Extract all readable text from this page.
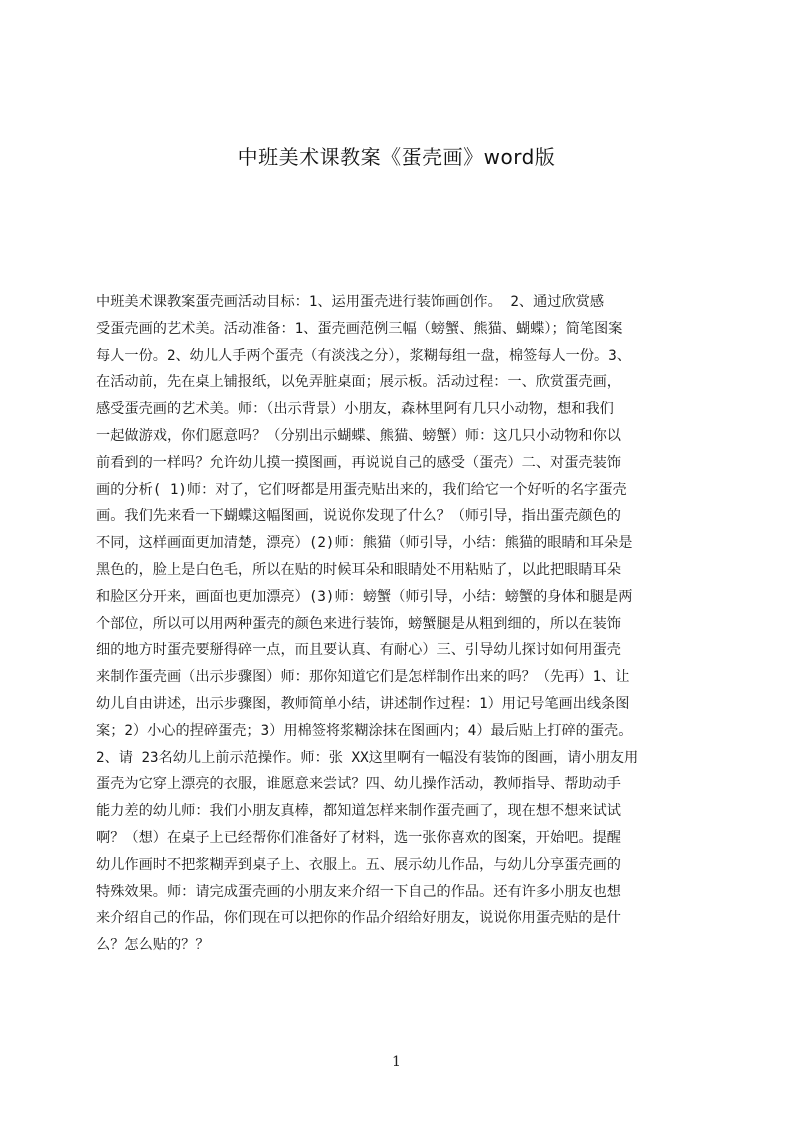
中班美术课教案《蛋壳画》word版
中班美术课教案蛋壳画活动目标：1、运用蛋壳进行装饰画创作。 2、通过欣赏感
受蛋壳画的艺术美。活动准备：1、蛋壳画范例三幅（螃蟹、熊猫、蝴蝶）；简笔图案
每人一份。2、幼儿人手两个蛋壳（有淡浅之分），浆糊每组一盘，棉签每人一份。3、
在活动前，先在桌上铺报纸，以免弄脏桌面；展示板。活动过程：一、欣赏蛋壳画，
感受蛋壳画的艺术美。师：（出示背景）小朋友，森林里阿有几只小动物，想和我们
一起做游戏，你们愿意吗？（分别出示蝴蝶、熊猫、螃蟹）师：这几只小动物和你以
前看到的一样吗？允许幼儿摸一摸图画，再说说自己的感受（蛋壳）二、对蛋壳装饰
画的分析( 1)师：对了，它们呀都是用蛋壳贴出来的，我们给它一个好听的名字蛋壳
画。我们先来看一下蝴蝶这幅图画，说说你发现了什么？（师引导，指出蛋壳颜色的
不同，这样画面更加清楚，漂亮）(2)师：熊猫（师引导，小结：熊猫的眼睛和耳朵是
黑色的，脸上是白色毛，所以在贴的时候耳朵和眼睛处不用粘贴了，以此把眼睛耳朵
和脸区分开来，画面也更加漂亮）(3)师：螃蟹（师引导，小结：螃蟹的身体和腿是两
个部位，所以可以用两种蛋壳的颜色来进行装饰，螃蟹腿是从粗到细的，所以在装饰
细的地方时蛋壳要掰得碎一点，而且要认真、有耐心）三、引导幼儿探讨如何用蛋壳
来制作蛋壳画（出示步骤图）师：那你知道它们是怎样制作出来的吗？（先再）1、让
幼儿自由讲述，出示步骤图，教师简单小结，讲述制作过程：1）用记号笔画出线条图
案；2）小心的捏碎蛋壳；3）用棉签将浆糊涂抹在图画内；4）最后贴上打碎的蛋壳。
2、请 23名幼儿上前示范操作。师：张 XX这里啊有一幅没有装饰的图画，请小朋友用
蛋壳为它穿上漂亮的衣服，谁愿意来尝试？四、幼儿操作活动，教师指导、帮助动手
能力差的幼儿师：我们小朋友真棒，都知道怎样来制作蛋壳画了，现在想不想来试试
啊？（想）在桌子上已经帮你们准备好了材料，选一张你喜欢的图案，开始吧。提醒
幼儿作画时不把浆糊弄到桌子上、衣服上。五、展示幼儿作品，与幼儿分享蛋壳画的
特殊效果。师：请完成蛋壳画的小朋友来介绍一下自己的作品。还有许多小朋友也想
来介绍自己的作品，你们现在可以把你的作品介绍给好朋友，说说你用蛋壳贴的是什
么？怎么贴的？？
1
